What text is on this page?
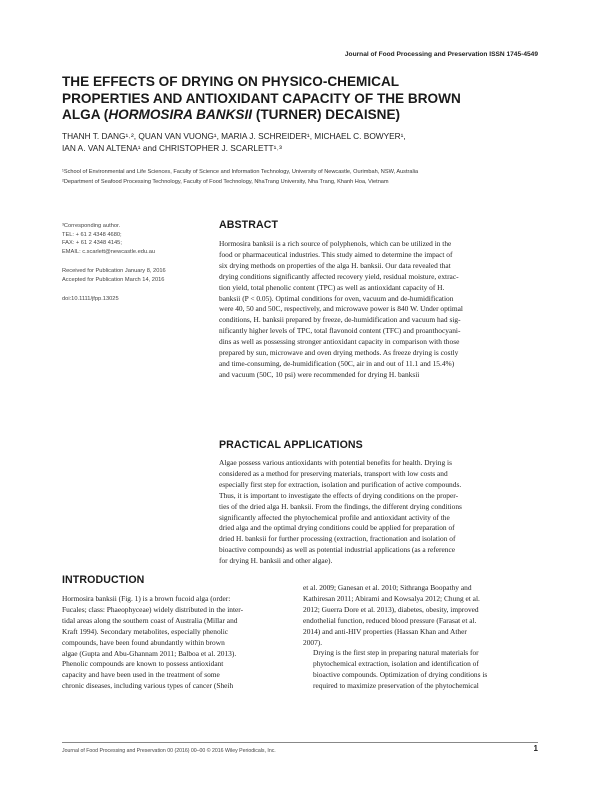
Journal of Food Processing and Preservation ISSN 1745-4549
THE EFFECTS OF DRYING ON PHYSICO-CHEMICAL
PROPERTIES AND ANTIOXIDANT CAPACITY OF THE BROWN
ALGA (HORMOSIRA BANKSII (TURNER) DECAISNE)
THANH T. DANG¹˒², QUAN VAN VUONG¹, MARIA J. SCHREIDER¹, MICHAEL C. BOWYER¹,
IAN A. VAN ALTENA¹ and CHRISTOPHER J. SCARLETT¹˒³
¹School of Environmental and Life Sciences, Faculty of Science and Information Technology, University of Newcastle, Ourimbah, NSW, Australia
²Department of Seafood Processing Technology, Faculty of Food Technology, NhaTrang University, Nha Trang, Khanh Hoa, Vietnam
³Corresponding author.
TEL: + 61 2 4348 4680;
FAX: + 61 2 4348 4145;
EMAIL: c.scarlett@newcastle.edu.au
Received for Publication January 8, 2016
Accepted for Publication March 14, 2016
doi:10.1111/jfpp.13025
ABSTRACT
Hormosira banksii is a rich source of polyphenols, which can be utilized in the
food or pharmaceutical industries. This study aimed to determine the impact of
six drying methods on properties of the alga H. banksii. Our data revealed that
drying conditions significantly affected recovery yield, residual moisture, extrac-
tion yield, total phenolic content (TPC) as well as antioxidant capacity of H.
banksii (P < 0.05). Optimal conditions for oven, vacuum and de-humidification
were 40, 50 and 50C, respectively, and microwave power is 840 W. Under optimal
conditions, H. banksii prepared by freeze, de-humidification and vacuum had sig-
nificantly higher levels of TPC, total flavonoid content (TFC) and proanthocyani-
dins as well as possessing stronger antioxidant capacity in comparison with those
prepared by sun, microwave and oven drying methods. As freeze drying is costly
and time-consuming, de-humidification (50C, air in and out of 11.1 and 15.4%)
and vacuum (50C, 10 psi) were recommended for drying H. banksii
PRACTICAL APPLICATIONS
Algae possess various antioxidants with potential benefits for health. Drying is
considered as a method for preserving materials, transport with low costs and
especially first step for extraction, isolation and purification of active compounds.
Thus, it is important to investigate the effects of drying conditions on the proper-
ties of the dried alga H. banksii. From the findings, the different drying conditions
significantly affected the phytochemical profile and antioxidant activity of the
dried alga and the optimal drying conditions could be applied for preparation of
dried H. banksii for further processing (extraction, fractionation and isolation of
bioactive compounds) as well as potential industrial applications (as a reference
for drying H. banksii and other algae).
INTRODUCTION
Hormosira banksii (Fig. 1) is a brown fucoid alga (order:
Fucales; class: Phaeophyceae) widely distributed in the inter-
tidal areas along the southern coast of Australia (Millar and
Kraft 1994). Secondary metabolites, especially phenolic
compounds, have been found abundantly within brown
algae (Gupta and Abu-Ghannam 2011; Balboa et al. 2013).
Phenolic compounds are known to possess antioxidant
capacity and have been used in the treatment of some
chronic diseases, including various types of cancer (Sheih
et al. 2009; Ganesan et al. 2010; Sithranga Boopathy and
Kathiresan 2011; Abirami and Kowsalya 2012; Chung et al.
2012; Guerra Dore et al. 2013), diabetes, obesity, improved
endothelial function, reduced blood pressure (Farasat et al.
2014) and anti-HIV properties (Hassan Khan and Ather
2007).
Drying is the first step in preparing natural materials for
phytochemical extraction, isolation and identification of
bioactive compounds. Optimization of drying conditions is
required to maximize preservation of the phytochemical
Journal of Food Processing and Preservation 00 (2016) 00–00 © 2016 Wiley Periodicals, Inc.	1
